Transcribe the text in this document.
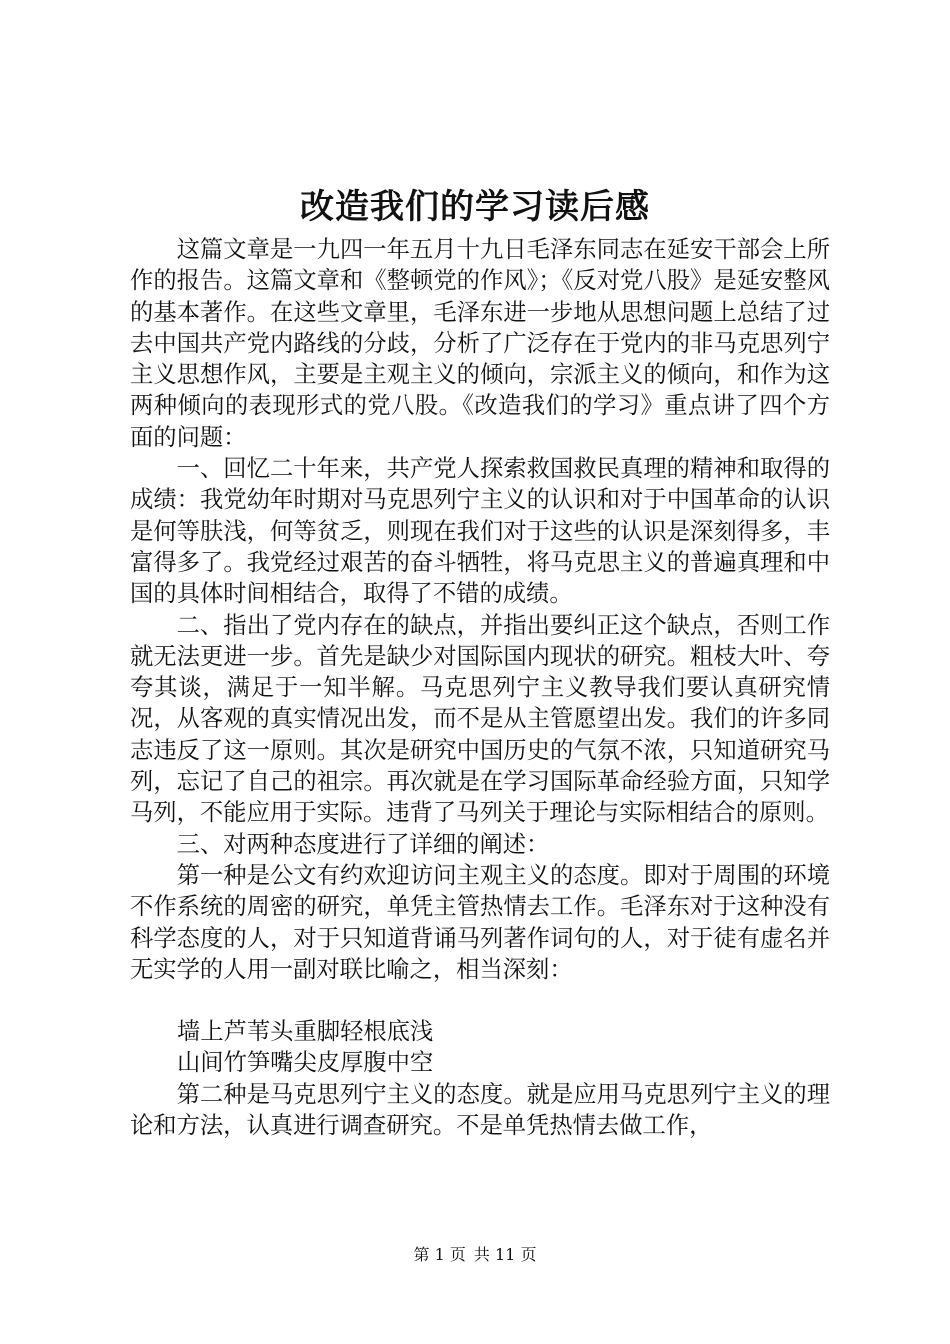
改造我们的学习读后感

这篇文章是一九四一年五月十九日毛泽东同志在延安干部会上所作的报告。这篇文章和《整顿党的作风》；《反对党八股》是延安整风的基本著作。在这些文章里，毛泽东进一步地从思想问题上总结了过去中国共产党内路线的分歧，分析了广泛存在于党内的非马克思列宁主义思想作风，主要是主观主义的倾向，宗派主义的倾向，和作为这两种倾向的表现形式的党八股。《改造我们的学习》重点讲了四个方面的问题：

一、回忆二十年来，共产党人探索救国救民真理的精神和取得的成绩：我党幼年时期对马克思列宁主义的认识和对于中国革命的认识是何等肤浅，何等贫乏，则现在我们对于这些的认识是深刻得多，丰富得多了。我党经过艰苦的奋斗牺牲，将马克思主义的普遍真理和中国的具体时间相结合，取得了不错的成绩。

二、指出了党内存在的缺点，并指出要纠正这个缺点，否则工作就无法更进一步。首先是缺少对国际国内现状的研究。粗枝大叶、夸夸其谈，满足于一知半解。马克思列宁主义教导我们要认真研究情况，从客观的真实情况出发，而不是从主管愿望出发。我们的许多同志违反了这一原则。其次是研究中国历史的气氛不浓，只知道研究马列，忘记了自己的祖宗。再次就是在学习国际革命经验方面，只知学马列，不能应用于实际。违背了马列关于理论与实际相结合的原则。

三、对两种态度进行了详细的阐述：

第一种是公文有约欢迎访问主观主义的态度。即对于周围的环境不作系统的周密的研究，单凭主管热情去工作。毛泽东对于这种没有科学态度的人，对于只知道背诵马列著作词句的人，对于徒有虚名并无实学的人用一副对联比喻之，相当深刻：

墙上芦苇头重脚轻根底浅

山间竹笋嘴尖皮厚腹中空

第二种是马克思列宁主义的态度。就是应用马克思列宁主义的理论和方法，认真进行调查研究。不是单凭热情去做工作，

第 1 页 共 11 页
